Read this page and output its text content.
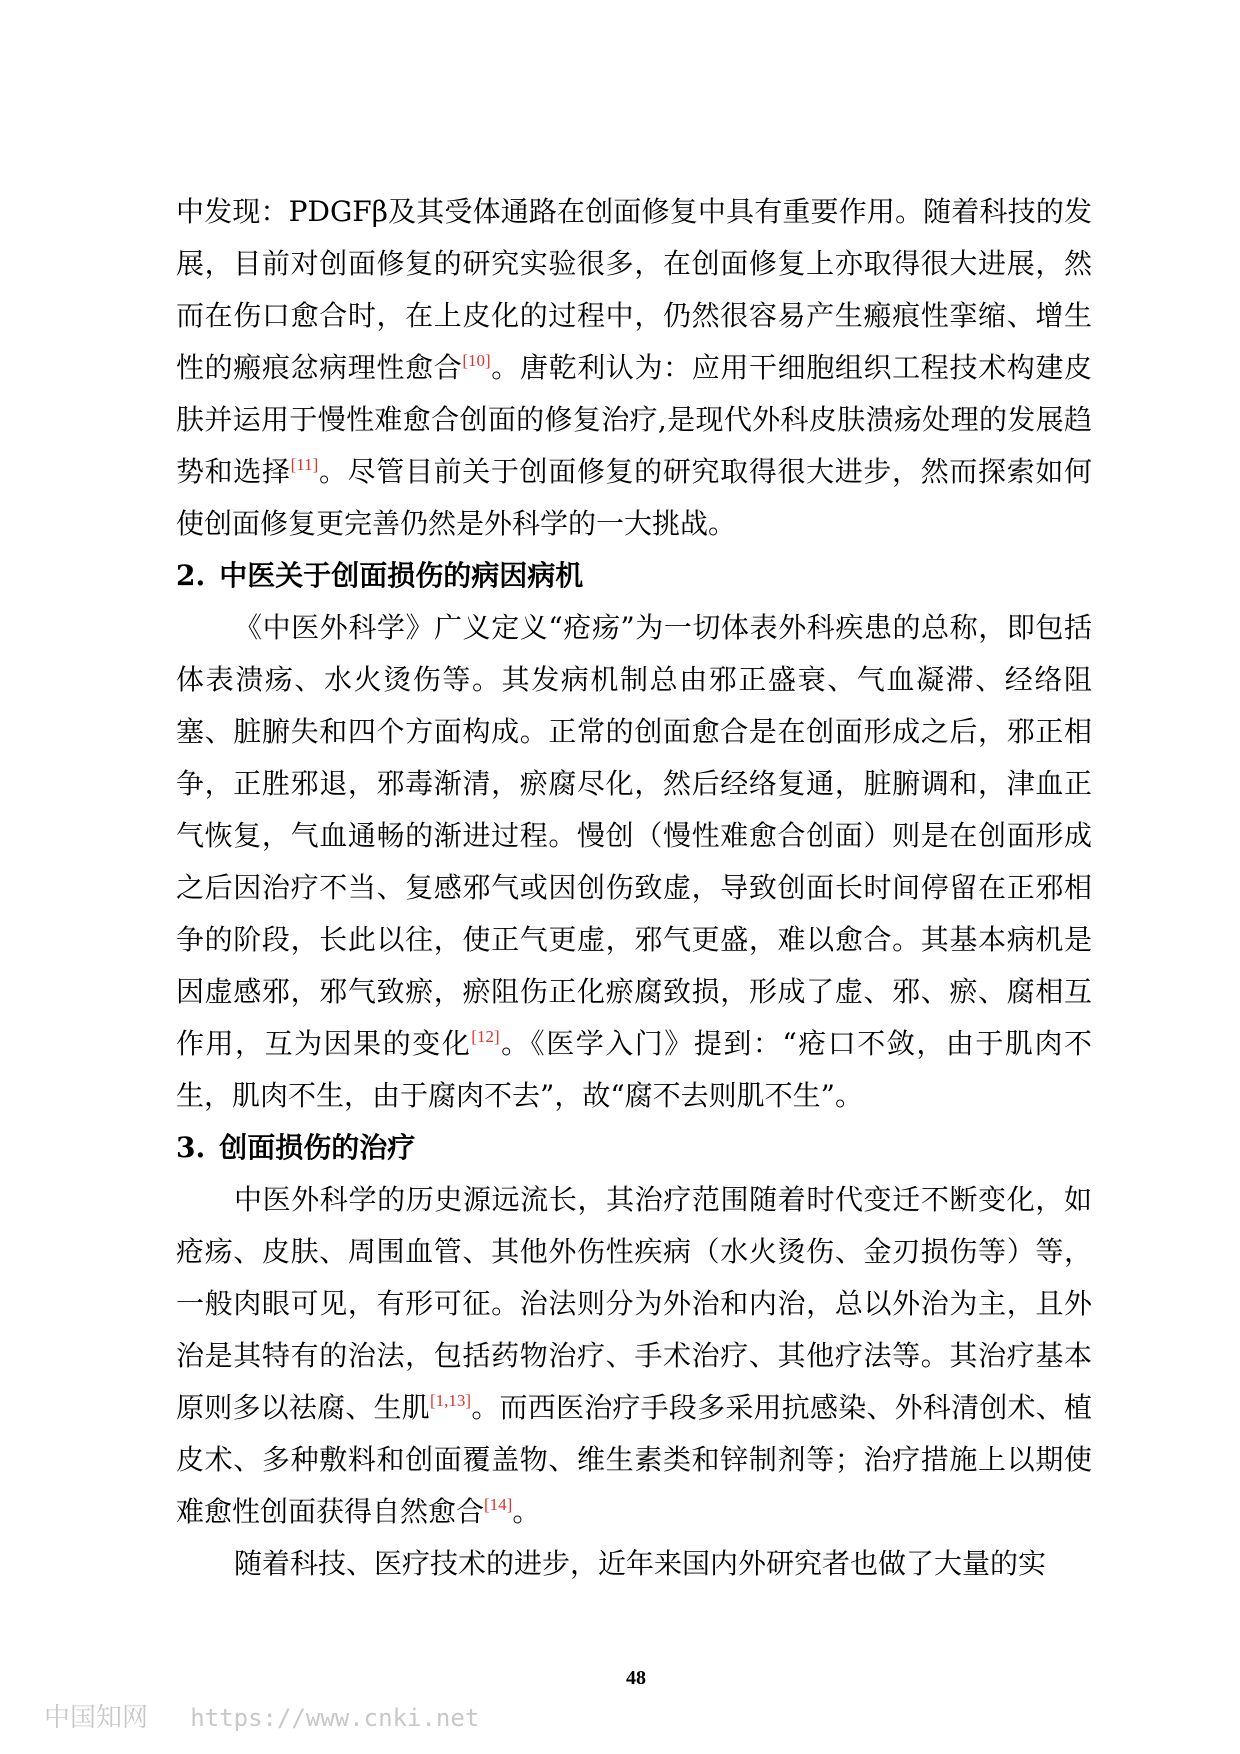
中发现：PDGFβ及其受体通路在创面修复中具有重要作用。随着科技的发展，目前对创面修复的研究实验很多，在创面修复上亦取得很大进展，然而在伤口愈合时，在上皮化的过程中，仍然很容易产生瘢痕性挛缩、增生性的瘢痕忿病理性愈合[10]。唐乾利认为：应用干细胞组织工程技术构建皮肤并运用于慢性难愈合创面的修复治疗,是现代外科皮肤溃疡处理的发展趋势和选择[11]。尽管目前关于创面修复的研究取得很大进步，然而探索如何使创面修复更完善仍然是外科学的一大挑战。

2. 中医关于创面损伤的病因病机

《中医外科学》广义定义“疮疡”为一切体表外科疾患的总称，即包括体表溃疡、水火烫伤等。其发病机制总由邪正盛衰、气血凝滞、经络阻塞、脏腑失和四个方面构成。正常的创面愈合是在创面形成之后，邪正相争，正胜邪退，邪毒渐清，瘀腐尽化，然后经络复通，脏腑调和，津血正气恢复，气血通畅的渐进过程。慢创（慢性难愈合创面）则是在创面形成之后因治疗不当、复感邪气或因创伤致虚，导致创面长时间停留在正邪相争的阶段，长此以往，使正气更虚，邪气更盛，难以愈合。其基本病机是因虚感邪，邪气致瘀，瘀阻伤正化瘀腐致损，形成了虚、邪、瘀、腐相互作用，互为因果的变化[12]。《医学入门》提到：“疮口不敛，由于肌肉不生，肌肉不生，由于腐肉不去”，故“腐不去则肌不生”。

3. 创面损伤的治疗

中医外科学的历史源远流长，其治疗范围随着时代变迁不断变化，如疮疡、皮肤、周围血管、其他外伤性疾病（水火烫伤、金刃损伤等）等，一般肉眼可见，有形可征。治法则分为外治和内治，总以外治为主，且外治是其特有的治法，包括药物治疗、手术治疗、其他疗法等。其治疗基本原则多以祛腐、生肌[1,13]。而西医治疗手段多采用抗感染、外科清创术、植皮术、多种敷料和创面覆盖物、维生素类和锌制剂等；治疗措施上以期使难愈性创面获得自然愈合[14]。

随着科技、医疗技术的进步，近年来国内外研究者也做了大量的实

48
中国知网 https://www.cnki.net
